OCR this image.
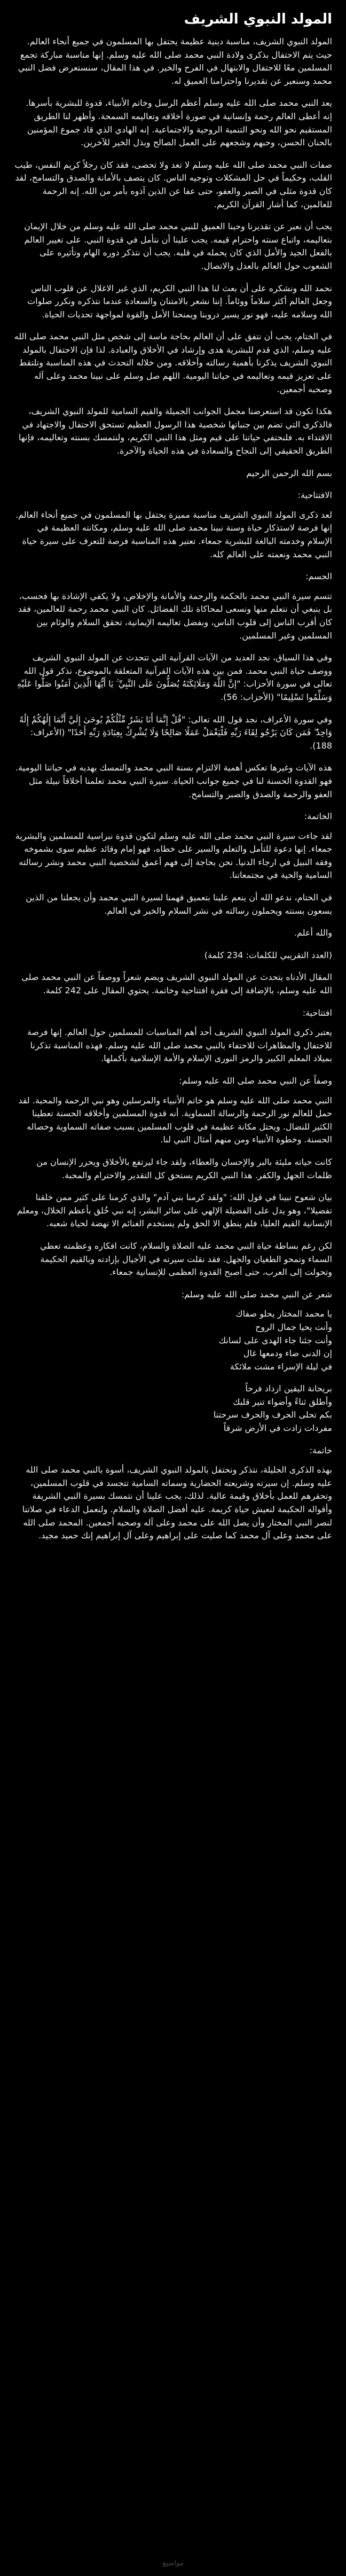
المولد النبوي الشريف

المولد النبوي الشريف، مناسبة دينية عظيمة يحتفل بها المسلمون في جميع أنحاء العالم. حيث يتم الاحتفال بذكرى ولادة النبي محمد صلى الله عليه وسلم. إنها مناسبة مباركة تجمع المسلمين معًا للاحتفال والابتهال في الفرح والخير. في هذا المقال، سنستعرض فضل النبي محمد وسنعبر عن تقديرنا واحترامنا العميق له.

يعد النبي محمد صلى الله عليه وسلم أعظم الرسل وخاتم الأنبياء، قدوة للبشرية بأسرها. إنه أعطى العالم رحمة وإنسانية في صورة أخلاقه وتعاليمه السمحة. وأظهر لنا الطريق المستقيم نحو الله ونحو التنمية الروحية والاجتماعية. إنه الهادي الذي قاد جموع المؤمنين بالحنان الحسن، وحبهم وشجعهم على العمل الصالح وبذل الخير للآخرين.

صفات النبي محمد صلى الله عليه وسلم لا تعد ولا تحصى، فقد كان رجلاً كريم النفس، طيب القلب، وحكيماً في حل المشكلات وتوجيه الناس. كان يتصف بالأمانة والصدق والتسامح، لقد كان قدوة مثلى في الصبر والعفو، حتى عفا عن الذين آذوه بأمر من الله. إنه الرحمة للعالمين، كما أشار القرآن الكريم.

يجب أن نعبر عن تقديرنا وحبنا العميق للنبي محمد صلى الله عليه وسلم من خلال الإيمان بتعاليمه، واتباع سنته واحترام قيمه. يجب علينا أن نتأمل في قدوة النبي. على تغيير العالم بالفعل الجيد والأمل الذي كان يحمله في قلبه. يجب أن نتذكر دوره الهام وتأثيره على الشعوب حول العالم بالعدل والاتصال.

نحمد الله ونشكره على أن بعث لنا هذا النبي الكريم، الذي غير الاغلال عن قلوب الناس وجعل العالم أكثر سلاماً ووئاماً. إننا نشعر بالامتنان والسعادة عندما نتذكره ونكرر صلوات الله وسلامه عليه، فهو نور يسير دروبنا ويمنحنا الأمل والقوة لمواجهة تحديات الحياة.

في الختام، يجب أن نتفق على أن العالم بحاجة ماسة إلى شخص مثل النبي محمد صلى الله عليه وسلم، الذي قدم للبشرية هدى وإرشاد في الأخلاق والعبادة. لذا فإن الاحتفال بالمولد النبوي الشريف يذكرنا بأهمية رسالته وأخلاقه. ومن خلاله التحدث في هذه المناسبة وتلتقط على تعزيز قيمه وتعاليمه في حياتنا اليومية. اللهم صل وسلم على نبينا محمد وعلى آله وصحبه أجمعين.

هكذا تكون قد استعرضنا مجمل الجوانب الجميلة والقيم السامية للمولد النبوي الشريف، فالذكرى التي تضم بين جنباتها شخصية هذا الرسول العظيم تستحق الاحتفال والاجتهاد في الاقتداء به. فلنحتفي حياتنا على قيم ومثل هذا النبي الكريم، ولنتمسك بسنته وتعاليمه، فإنها الطريق الحقيقي إلى النجاح والسعادة في هذه الحياة والآخرة.

بسم الله الرحمن الرحيم

الافتتاحية:

لعد ذكرى المولد النبوي الشريف مناسبة مميزة يحتفل بها المسلمون في جميع أنحاء العالم. إنها فرصة لاستذكار حياة وسنة نبينا محمد صلى الله عليه وسلم، ومكانته العظيمة في الإسلام وخدمته البالغة للبشرية جمعاء. تعتبر هذه المناسبة فرصة للتعرف على سيرة حياة النبي محمد ونعمته على العالم كله.

الجسم:

تتسم سيرة النبي محمد بالحكمة والرحمة والأمانة والإخلاص، ولا يكفي الإشادة بها فحسب، بل ينبغي أن نتعلم منها ونسعى لمحاكاة تلك الفضائل. كان النبي محمد رحمة للعالمين، فقد كان أقرب الناس إلى قلوب الناس، وبفضل تعاليمه الإيمانية، تحقق السلام والوئام بين المسلمين وغير المسلمين.

وفي هذا السياق، نجد العديد من الآيات القرآنية التي تتحدث عن المولد النبوي الشريف ووصف حياة النبي محمد. فمن بين هذه الآيات القرآنية المتعلقة بالموضوع، نذكر قول الله تعالى في سورة الأحزاب: "إنَّ اللَّهَ وَمَلَائِكَتَهُ يُصَلُّونَ عَلَى النَّبِيِّ ۚ يَا أَيُّهَا الَّذِينَ آمَنُوا صَلُّوا عَلَيْهِ وَسَلِّمُوا تَسْلِيمًا" (الأحزاب: 56).

وفي سورة الأعراف، نجد قول الله تعالى: "قُلْ إِنَّمَا أَنَا بَشَرٌ مِّثْلُكُمْ يُوحَىٰ إِلَيَّ أَنَّمَا إِلَٰهُكُمْ إِلَٰهٌ وَاحِدٌ ۖ فَمَن كَانَ يَرْجُو لِقَاءَ رَبِّهِ فَلْيَعْمَلْ عَمَلًا صَالِحًا وَلَا يُشْرِكْ بِعِبَادَةِ رَبِّهِ أَحَدًا" (الأعراف: 188).

هذه الآيات وغيرها تعكس أهمية الالتزام بسنة النبي محمد والتمسك بهديه في حياتنا اليومية. فهو القدوة الحسنة لنا في جميع جوانب الحياة. سيرة النبي محمد تعلمنا أخلاقاً نبيلة مثل العفو والرحمة والصدق والصبر والتسامح.

الخاتمة:

لقد جاءت سيرة النبي محمد صلى الله عليه وسلم لتكون قدوة نبراسية للمسلمين والبشرية جمعاء. إنها دعوة للتأمل والتعلم والسير على خطاه، فهو إمام وقائد عظيم سوى بشموخه وفقه النبيل في ارجاء الدنيا. نحن بحاجة إلى فهم أعمق لشخصية النبي محمد ونشر رسالته السامية والحية في مجتمعاتنا.

في الختام، ندعو الله أن ينعم علينا بتعميق فهمنا لسيرة النبي محمد وأن يجعلنا من الذين يسعون بسنته ويحملون رسالته في نشر السلام والخير في العالم.

والله أعلم.

(العدد التقريبي للكلمات: 234 كلمة)

المقال الأدناه يتحدث عن المولد النبوي الشريف ويضم شعراً ووصفاً عن النبي محمد صلى الله عليه وسلم، بالإضافة إلى فقرة افتتاحية وخاتمة. يحتوي المقال على 242 كلمة.

افتتاحية:

يعتبر ذكرى المولد النبوي الشريف أحد أهم المناسبات للمسلمين حول العالم. إنها فرصة للاحتفال والمظاهرات للاحتفاء بالنبي محمد صلى الله عليه وسلم. فهذه المناسبة تذكرنا بميلاد المعلم الكبير والرمز النورى الإسلام والأمة الإسلامية بأكملها.

وصفاً عن النبي محمد صلى الله عليه وسلم:

النبي محمد صلى الله عليه وسلم هو خاتم الأنبياء والمرسلين وهو نبي الرحمة والمحبة. لقد حمل للعالم نور الرحمة والرسالة السماوية. أنه قدوة المسلمين وأخلاقه الحسنة تعطينا الكثير للنضال. ويحتل مكانة عظيمة في قلوب المسلمين بسبب صفاته السماوية وخصاله الحسنة. وخطوة الأنبياء ومن منهم أمثال النبي لنا.

كانت حياته مليئة بالبر والإحسان والعطاء، ولقد جاء ليرتفع بالأخلاق ويحرر الإنسان من ظلمات الجهل والكفر. هذا النبي الكريم يستحق كل التقدير والاحترام والمحبة.

بيان شعوح نبينا في قول الله: "ولقد كرمنا بني آدم" والذي كرمنا على كثير ممن خلقنا تفضيلا"، وهو يدل على الفضيلة الإلهي على سائر البشر، إنه نبي خُلق بأعظم الخلال، ومعلم الإنسانية القيم العليا، فلم ينطق الا الحق ولم يستخدم الغنائم الا نهضة لحياة شعبه.

لكن رغم بساطة حياة النبي محمد عليه الصلاة والسلام، كانت افكاره وعظمته تعطي السماء وتمحو الطغيان والجهل. فقد نقلت سيرته في الأجيال بإرادته وبالقيم الحكيمة وتحولت إلى العرب، حتى أصبح القدوة العظمى للإنسانية جمعاء.

شعر عن النبي محمد صلى الله عليه وسلم:

يا محمد المختار يحلو صفاك
وأنت يحيا جمال الروح
وأنت جئنا جاء الهدى على لسانك
إن الدنى ضاء ودمعها غال
في ليلة الإسراء مشت ملائكة

بريحانة اليقين ازداد فرحاً
وأطلق ثناءً وأضواء تنير قلبك
بكم تحلى الحرف والحرف سرحتنا
مفردات زادت في الأرض شرقاً

خاتمة:

بهذه الذكرى الجليلة، نتذكر ونحتفل بالمولد النبوي الشريف، أسوة بالنبي محمد صلى الله عليه وسلم. إن سيرته وشريعته الحضارية وسماته السامية تتجسد في قلوب المسلمين، وتحقرهم للعمل بأخلاق وقيمة عالية. لذلك، يجب علينا أن نتمسك بسيرة النبي الشريفة وأقواله الحكيمة لنعيش حياة كريمة. عليه أفضل الصلاة والسلام. ولنعمل الدعاء في صلاتنا لنصر النبي المختار وأن يصل الله على محمد وعلى آله وصحبه أجمعين. المحمد صلى الله على محمد وعلى آل محمد كما صليت على إبراهيم وعلى آل إبراهيم إنك حميد مجيد.

مواضيع
